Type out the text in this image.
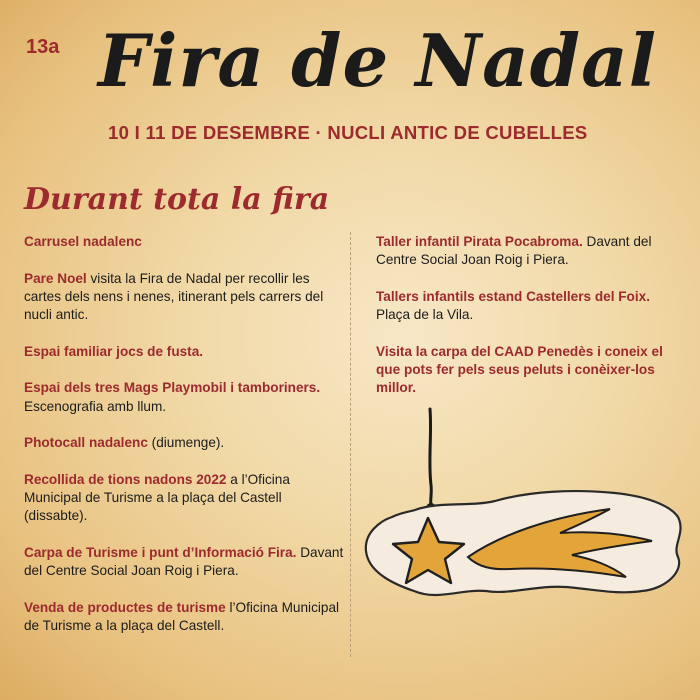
13a Fira de Nadal
10 I 11 DE DESEMBRE · NUCLI ANTIC DE CUBELLES
Durant tota la fira

Carrusel nadalenc

Pare Noel visita la Fira de Nadal per recollir les cartes dels nens i nenes, itinerant pels carrers del nucli antic.

Espai familiar jocs de fusta.

Espai dels tres Mags Playmobil i tamboriners. Escenografia amb llum.

Photocall nadalenc (diumenge).

Recollida de tions nadons 2022 a l’Oficina Municipal de Turisme a la plaça del Castell (dissabte).

Carpa de Turisme i punt d’Informació Fira. Davant del Centre Social Joan Roig i Piera.

Venda de productes de turisme l’Oficina Municipal de Turisme a la plaça del Castell.

Taller infantil Pirata Pocabroma. Davant del Centre Social Joan Roig i Piera.

Tallers infantils estand Castellers del Foix. Plaça de la Vila.

Visita la carpa del CAAD Penedès i coneix el que pots fer pels seus peluts i conèixer-los millor.
